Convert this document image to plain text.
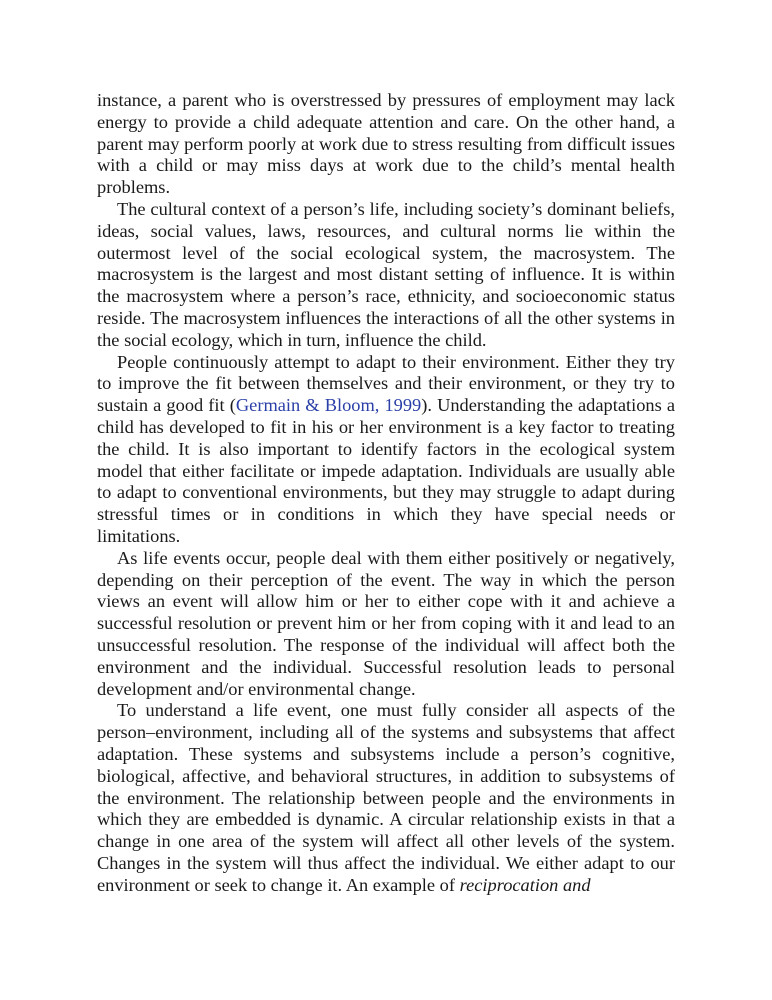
instance, a parent who is overstressed by pressures of employment may lack energy to provide a child adequate attention and care. On the other hand, a parent may perform poorly at work due to stress resulting from difficult issues with a child or may miss days at work due to the child’s mental health problems.

The cultural context of a person’s life, including society’s dominant beliefs, ideas, social values, laws, resources, and cultural norms lie within the outermost level of the social ecological system, the macrosystem. The macrosystem is the largest and most distant setting of influence. It is within the macrosystem where a person’s race, ethnicity, and socioeconomic status reside. The macrosystem influences the interactions of all the other systems in the social ecology, which in turn, influence the child.

People continuously attempt to adapt to their environment. Either they try to improve the fit between themselves and their environment, or they try to sustain a good fit (Germain & Bloom, 1999). Understanding the adaptations a child has developed to fit in his or her environment is a key factor to treating the child. It is also important to identify factors in the ecological system model that either facilitate or impede adaptation. Individuals are usually able to adapt to conventional environments, but they may struggle to adapt during stressful times or in conditions in which they have special needs or limitations.

As life events occur, people deal with them either positively or negatively, depending on their perception of the event. The way in which the person views an event will allow him or her to either cope with it and achieve a successful resolution or prevent him or her from coping with it and lead to an unsuccessful resolution. The response of the individual will affect both the environment and the individual. Successful resolution leads to personal development and/or environmental change.

To understand a life event, one must fully consider all aspects of the person–environment, including all of the systems and subsystems that affect adaptation. These systems and subsystems include a person’s cognitive, biological, affective, and behavioral structures, in addition to subsystems of the environment. The relationship between people and the environments in which they are embedded is dynamic. A circular relationship exists in that a change in one area of the system will affect all other levels of the system. Changes in the system will thus affect the individual. We either adapt to our environment or seek to change it. An example of reciprocation and
